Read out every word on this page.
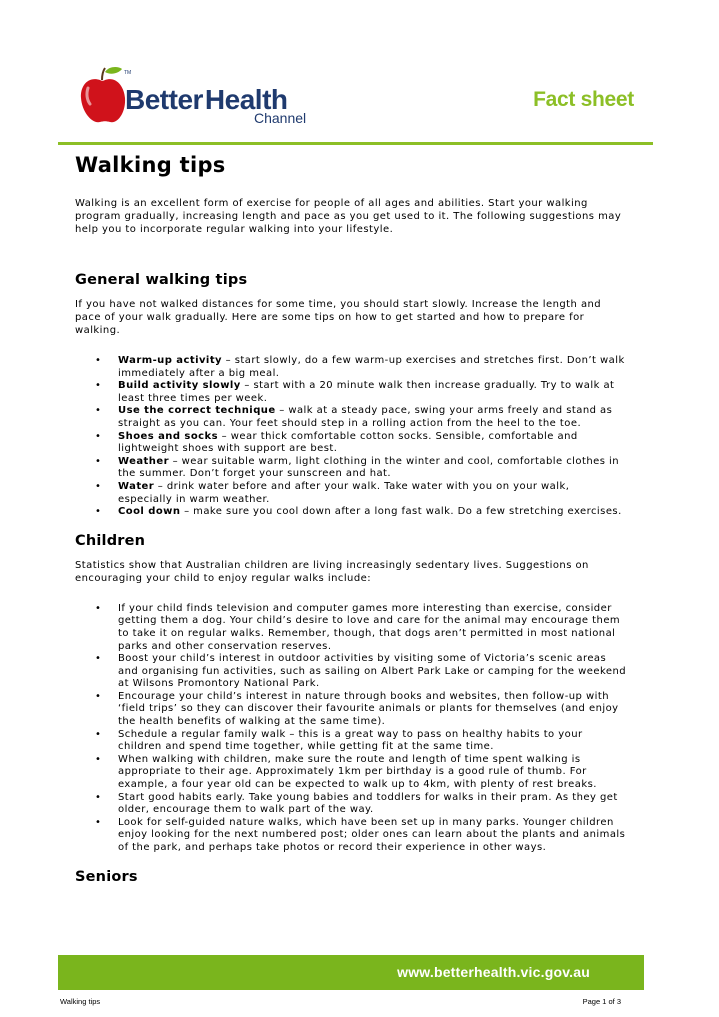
TM
BetterHealth
Channel
Fact sheet
Walking tips

Walking is an excellent form of exercise for people of all ages and abilities. Start your walking program gradually, increasing length and pace as you get used to it. The following suggestions may help you to incorporate regular walking into your lifestyle.

General walking tips

If you have not walked distances for some time, you should start slowly. Increase the length and pace of your walk gradually. Here are some tips on how to get started and how to prepare for walking.

• Warm-up activity – start slowly, do a few warm-up exercises and stretches first. Don’t walk immediately after a big meal.
• Build activity slowly – start with a 20 minute walk then increase gradually. Try to walk at least three times per week.
• Use the correct technique – walk at a steady pace, swing your arms freely and stand as straight as you can. Your feet should step in a rolling action from the heel to the toe.
• Shoes and socks – wear thick comfortable cotton socks. Sensible, comfortable and lightweight shoes with support are best.
• Weather – wear suitable warm, light clothing in the winter and cool, comfortable clothes in the summer. Don’t forget your sunscreen and hat.
• Water – drink water before and after your walk. Take water with you on your walk, especially in warm weather.
• Cool down – make sure you cool down after a long fast walk. Do a few stretching exercises.
Children

Statistics show that Australian children are living increasingly sedentary lives. Suggestions on encouraging your child to enjoy regular walks include:

• If your child finds television and computer games more interesting than exercise, consider getting them a dog. Your child’s desire to love and care for the animal may encourage them to take it on regular walks. Remember, though, that dogs aren’t permitted in most national parks and other conservation reserves.
• Boost your child’s interest in outdoor activities by visiting some of Victoria’s scenic areas and organising fun activities, such as sailing on Albert Park Lake or camping for the weekend at Wilsons Promontory National Park.
• Encourage your child’s interest in nature through books and websites, then follow-up with ‘field trips’ so they can discover their favourite animals or plants for themselves (and enjoy the health benefits of walking at the same time).
• Schedule a regular family walk – this is a great way to pass on healthy habits to your children and spend time together, while getting fit at the same time.
• When walking with children, make sure the route and length of time spent walking is appropriate to their age. Approximately 1km per birthday is a good rule of thumb. For example, a four year old can be expected to walk up to 4km, with plenty of rest breaks.
• Start good habits early. Take young babies and toddlers for walks in their pram. As they get older, encourage them to walk part of the way.
• Look for self-guided nature walks, which have been set up in many parks. Younger children enjoy looking for the next numbered post; older ones can learn about the plants and animals of the park, and perhaps take photos or record their experience in other ways.
Seniors
www.betterhealth.vic.gov.au
Walking tips	Page 1 of 3
